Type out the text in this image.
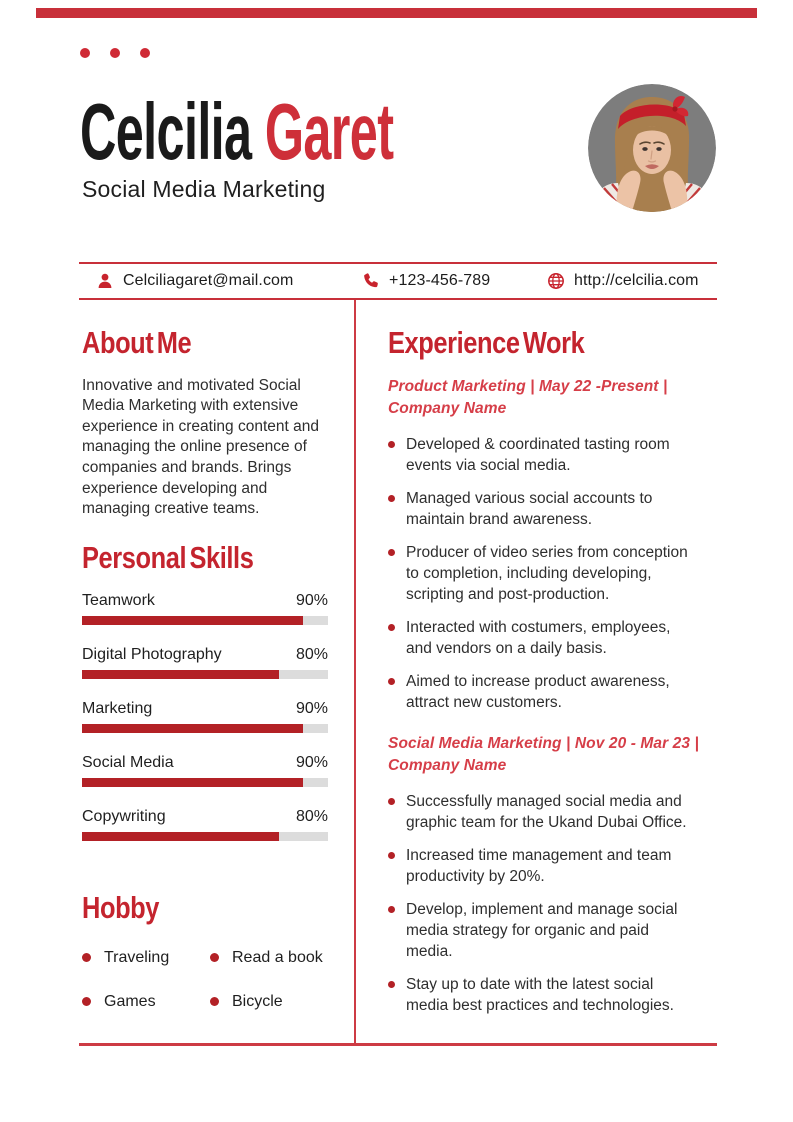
Celcilia Garet
Social Media Marketing
Celciliagaret@mail.com	+123-456-789	http://celcilia.com
About Me

Innovative and motivated Social Media Marketing with extensive experience in creating content and managing the online presence of companies and brands. Brings experience developing and managing creative teams.

Personal Skills
Teamwork	90%
Digital Photography	80%
Marketing	90%
Social Media	90%
Copywriting	80%
Hobby
Traveling	Read a book
Games	Bicycle
Experience Work
Product Marketing | May 22 -Present |
Company Name
Developed & coordinated tasting room events via social media.
Managed various social accounts to maintain brand awareness.
Producer of video series from conception to completion, including developing, scripting and post-production.
Interacted with costumers, employees, and vendors on a daily basis.
Aimed to increase product awareness, attract new customers.
Social Media Marketing | Nov 20 - Mar 23 |
Company Name
Successfully managed social media and graphic team for the Ukand Dubai Office.
Increased time management and team productivity by 20%.
Develop, implement and manage social media strategy for organic and paid media.
Stay up to date with the latest social media best practices and technologies.
